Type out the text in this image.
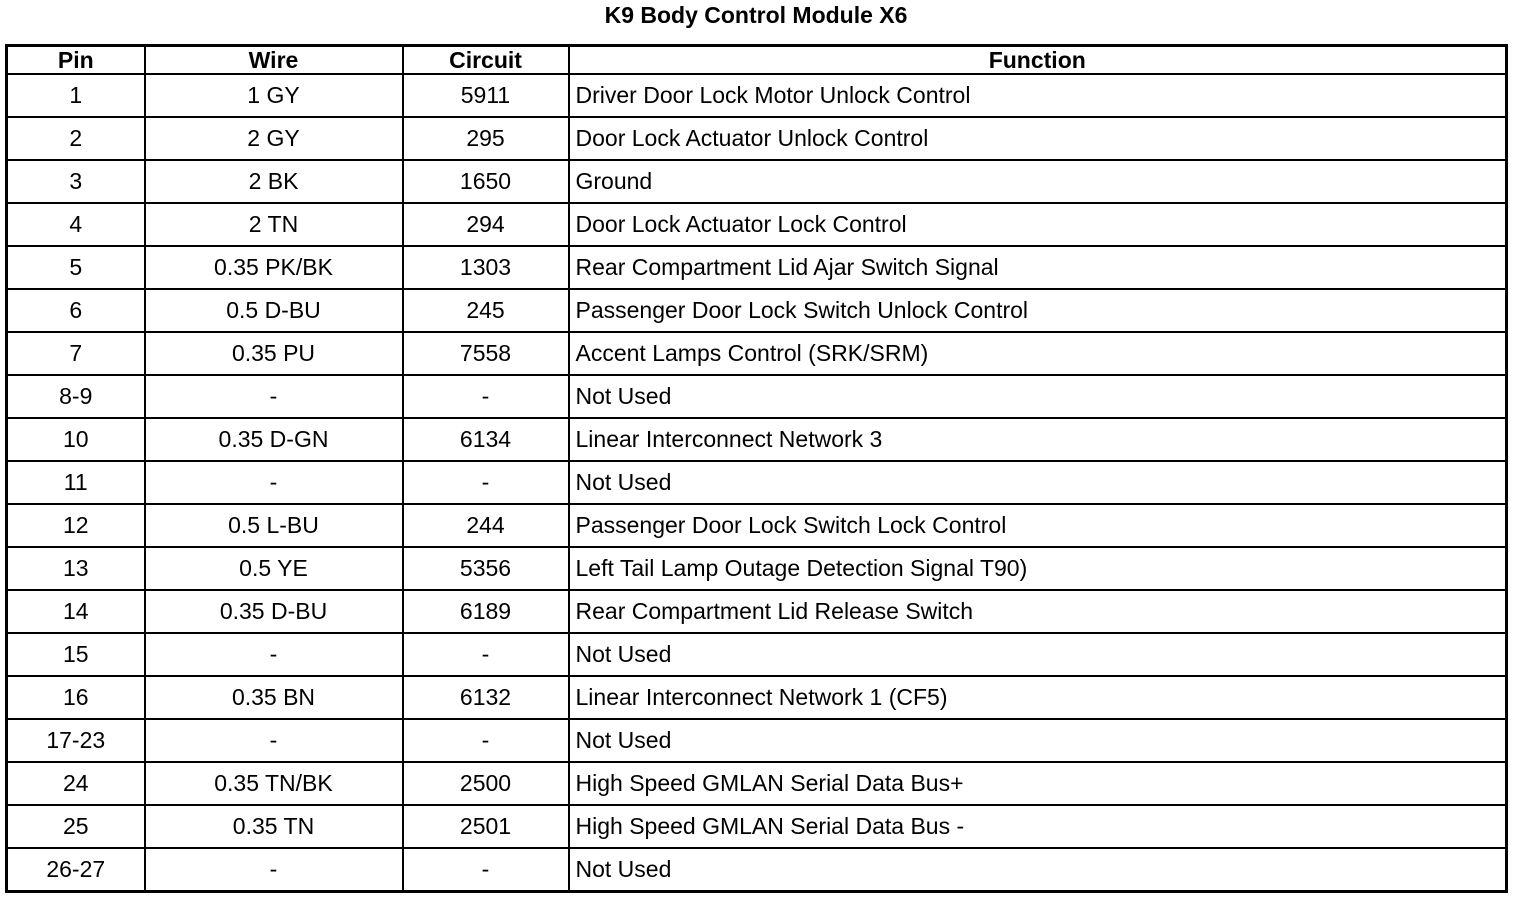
K9 Body Control Module X6
Pin	Wire	Circuit	Function
1	1 GY	5911	Driver Door Lock Motor Unlock Control
2	2 GY	295	Door Lock Actuator Unlock Control
3	2 BK	1650	Ground
4	2 TN	294	Door Lock Actuator Lock Control
5	0.35 PK/BK	1303	Rear Compartment Lid Ajar Switch Signal
6	0.5 D-BU	245	Passenger Door Lock Switch Unlock Control
7	0.35 PU	7558	Accent Lamps Control (SRK/SRM)
8-9	-	-	Not Used
10	0.35 D-GN	6134	Linear Interconnect Network 3
11	-	-	Not Used
12	0.5 L-BU	244	Passenger Door Lock Switch Lock Control
13	0.5 YE	5356	Left Tail Lamp Outage Detection Signal T90)
14	0.35 D-BU	6189	Rear Compartment Lid Release Switch
15	-	-	Not Used
16	0.35 BN	6132	Linear Interconnect Network 1 (CF5)
17-23	-	-	Not Used
24	0.35 TN/BK	2500	High Speed GMLAN Serial Data Bus+
25	0.35 TN	2501	High Speed GMLAN Serial Data Bus -
26-27	-	-	Not Used
